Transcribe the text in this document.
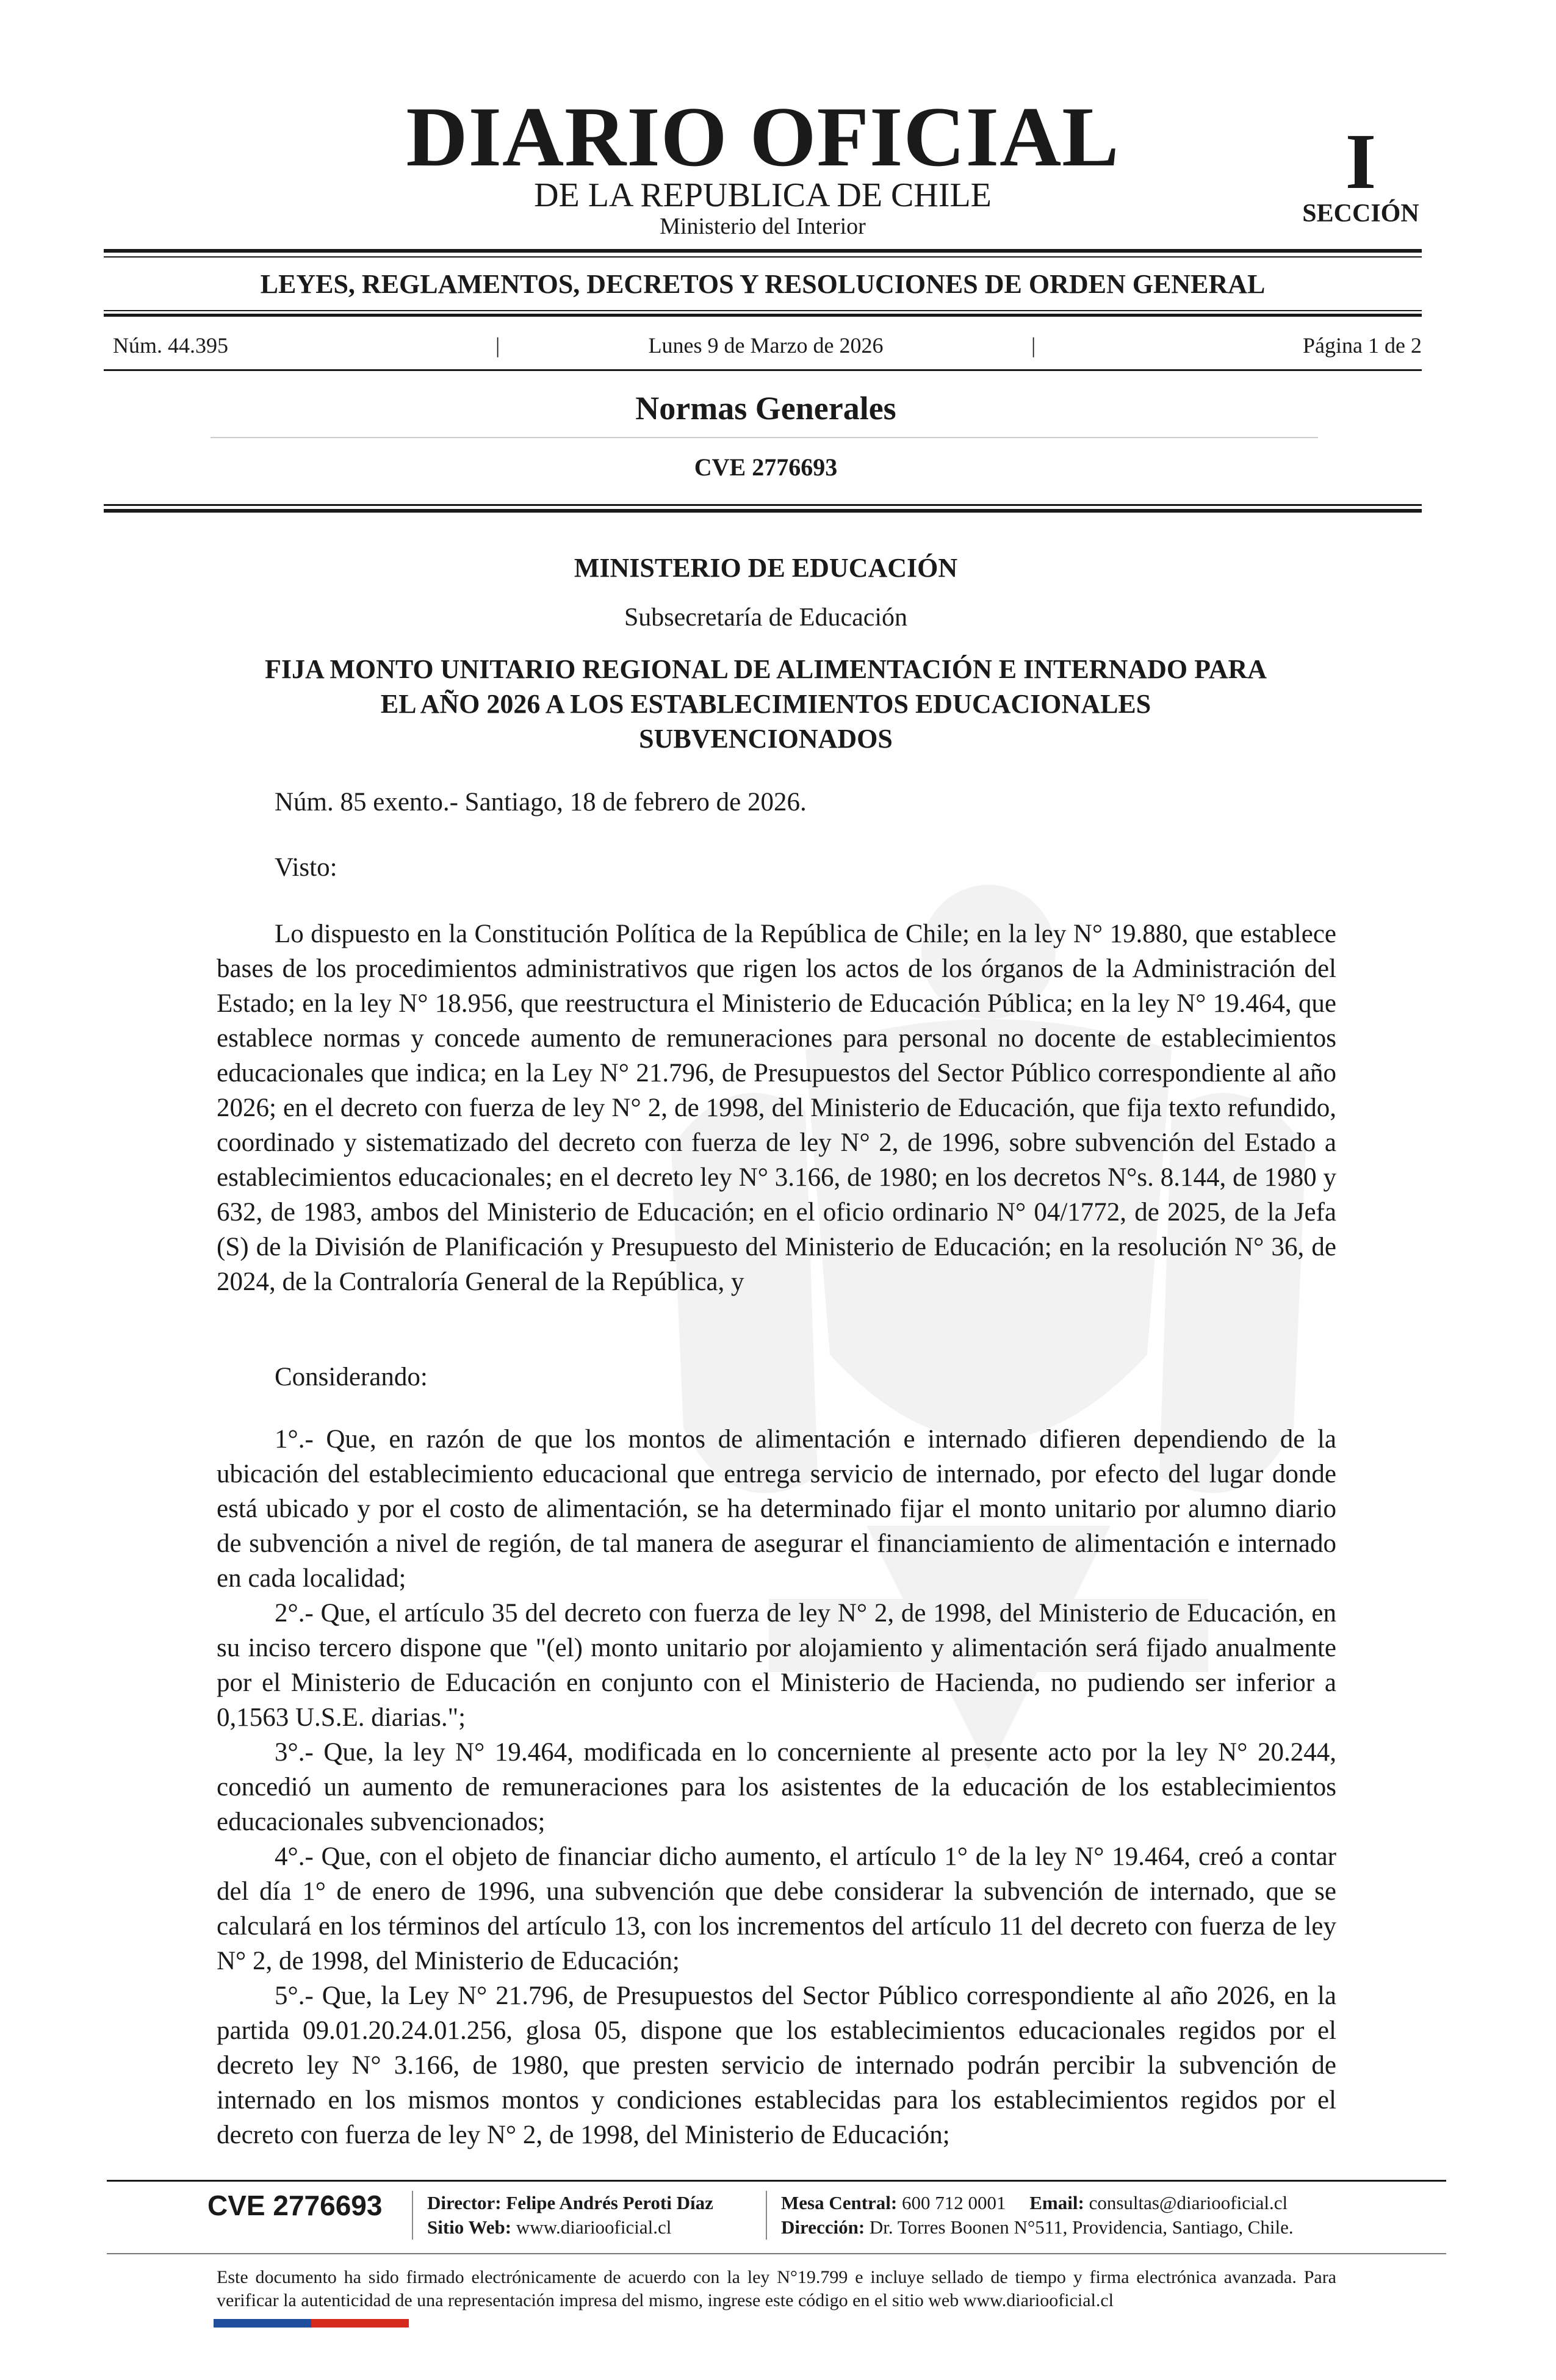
DIARIO OFICIAL
DE LA REPUBLICA DE CHILE
Ministerio del Interior
I
SECCIÓN
LEYES, REGLAMENTOS, DECRETOS Y RESOLUCIONES DE ORDEN GENERAL
Núm. 44.395	|	Lunes 9 de Marzo de 2026	|	Página 1 de 2
Normas Generales
CVE 2776693
MINISTERIO DE EDUCACIÓN
Subsecretaría de Educación
FIJA MONTO UNITARIO REGIONAL DE ALIMENTACIÓN E INTERNADO PARA
EL AÑO 2026 A LOS ESTABLECIMIENTOS EDUCACIONALES
SUBVENCIONADOS
Núm. 85 exento.- Santiago, 18 de febrero de 2026.
Visto:

Lo dispuesto en la Constitución Política de la República de Chile; en la ley N° 19.880, que establece bases de los procedimientos administrativos que rigen los actos de los órganos de la Administración del Estado; en la ley N° 18.956, que reestructura el Ministerio de Educación Pública; en la ley N° 19.464, que establece normas y concede aumento de remuneraciones para personal no docente de establecimientos educacionales que indica; en la Ley N° 21.796, de Presupuestos del Sector Público correspondiente al año 2026; en el decreto con fuerza de ley N° 2, de 1998, del Ministerio de Educación, que fija texto refundido, coordinado y sistematizado del decreto con fuerza de ley N° 2, de 1996, sobre subvención del Estado a establecimientos educacionales; en el decreto ley N° 3.166, de 1980; en los decretos N°s. 8.144, de 1980 y 632, de 1983, ambos del Ministerio de Educación; en el oficio ordinario N° 04/1772, de 2025, de la Jefa (S) de la División de Planificación y Presupuesto del Ministerio de Educación; en la resolución N° 36, de 2024, de la Contraloría General de la República, y

Considerando:

1°.- Que, en razón de que los montos de alimentación e internado difieren dependiendo de la ubicación del establecimiento educacional que entrega servicio de internado, por efecto del lugar donde está ubicado y por el costo de alimentación, se ha determinado fijar el monto unitario por alumno diario de subvención a nivel de región, de tal manera de asegurar el financiamiento de alimentación e internado en cada localidad;

2°.- Que, el artículo 35 del decreto con fuerza de ley N° 2, de 1998, del Ministerio de Educación, en su inciso tercero dispone que "(el) monto unitario por alojamiento y alimentación será fijado anualmente por el Ministerio de Educación en conjunto con el Ministerio de Hacienda, no pudiendo ser inferior a 0,1563 U.S.E. diarias.";

3°.- Que, la ley N° 19.464, modificada en lo concerniente al presente acto por la ley N° 20.244, concedió un aumento de remuneraciones para los asistentes de la educación de los establecimientos educacionales subvencionados;

4°.- Que, con el objeto de financiar dicho aumento, el artículo 1° de la ley N° 19.464, creó a contar del día 1° de enero de 1996, una subvención que debe considerar la subvención de internado, que se calculará en los términos del artículo 13, con los incrementos del artículo 11 del decreto con fuerza de ley N° 2, de 1998, del Ministerio de Educación;

5°.- Que, la Ley N° 21.796, de Presupuestos del Sector Público correspondiente al año 2026, en la partida 09.01.20.24.01.256, glosa 05, dispone que los establecimientos educacionales regidos por el decreto ley N° 3.166, de 1980, que presten servicio de internado podrán percibir la subvención de internado en los mismos montos y condiciones establecidas para los establecimientos regidos por el decreto con fuerza de ley N° 2, de 1998, del Ministerio de Educación;

CVE 2776693 Director: Felipe Andrés Peroti Díaz
Sitio Web: www.diariooficial.cl
Mesa Central: 600 712 0001 Email: consultas@diariooficial.cl
Dirección: Dr. Torres Boonen N°511, Providencia, Santiago, Chile.
Este documento ha sido firmado electrónicamente de acuerdo con la ley N°19.799 e incluye sellado de tiempo y firma electrónica avanzada. Para verificar la autenticidad de una representación impresa del mismo, ingrese este código en el sitio web www.diariooficial.cl
